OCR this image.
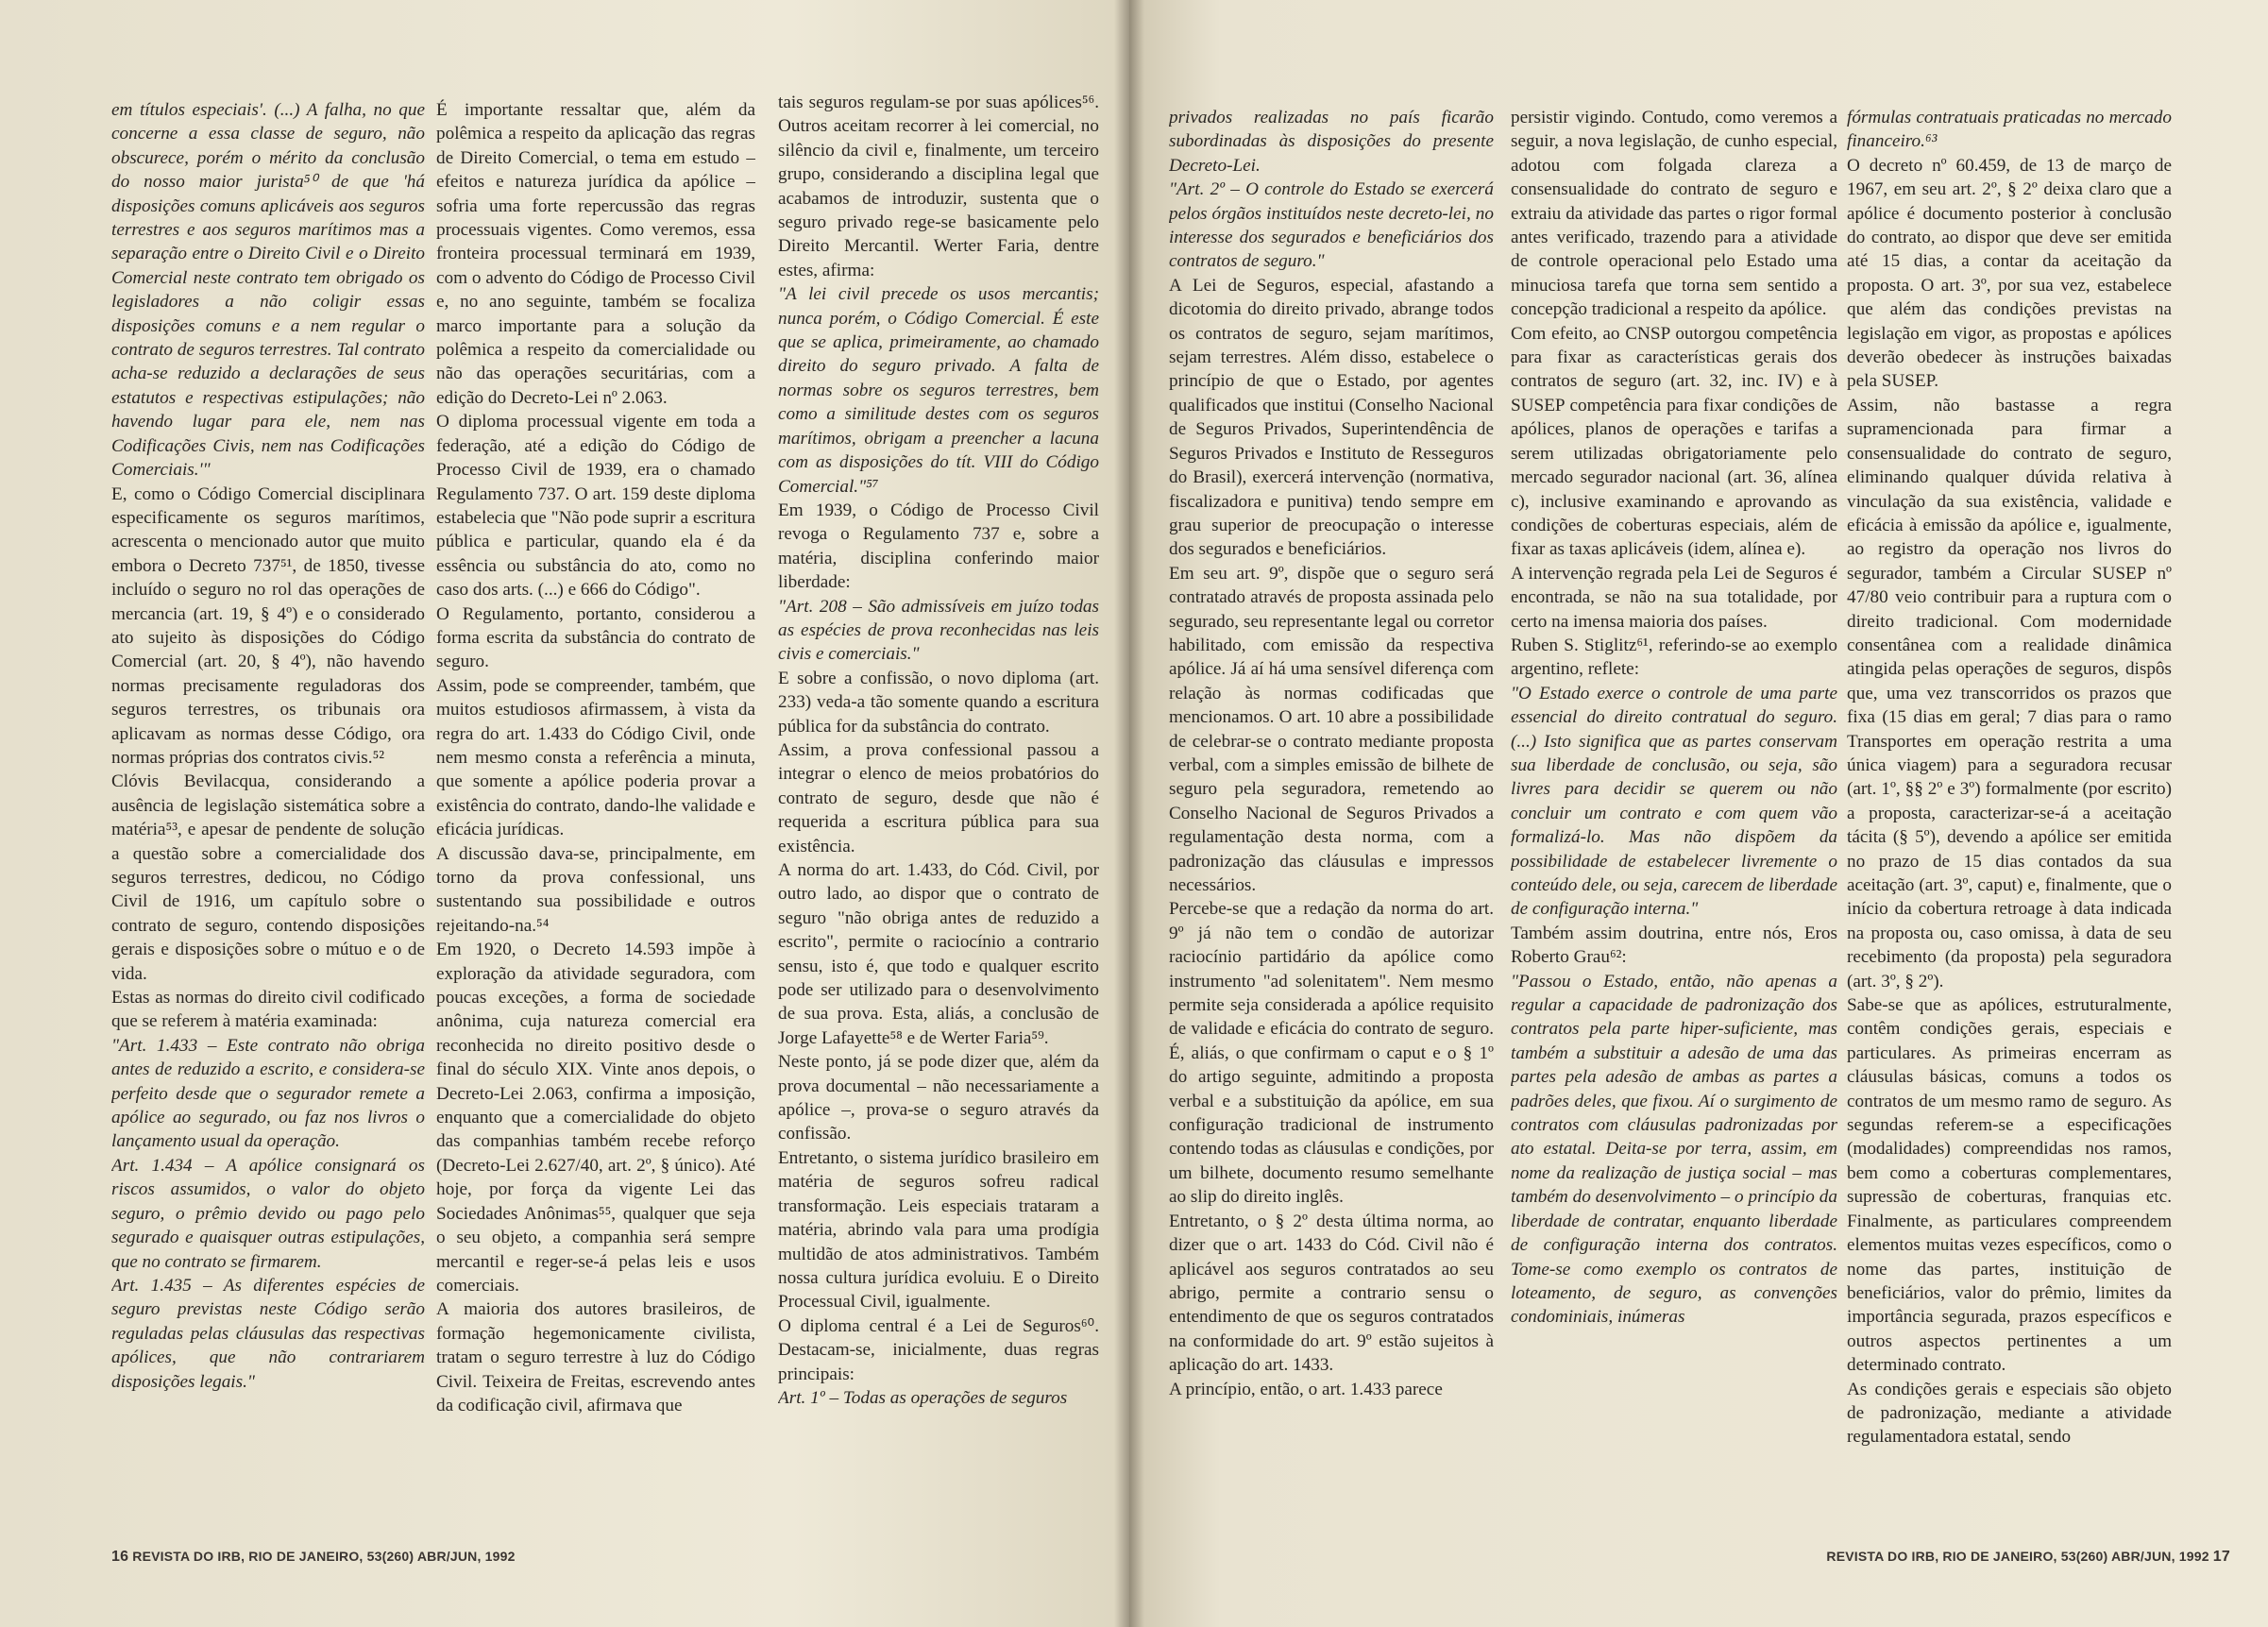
em títulos especiais'. (...) A falha, no que concerne a essa classe de seguro, não obscurece, porém o mérito da conclusão do nosso maior jurista⁵⁰ de que 'há disposições comuns aplicáveis aos seguros terrestres e aos seguros marítimos mas a separação entre o Direito Civil e o Direito Comercial neste contrato tem obrigado os legisladores a não coligir essas disposições comuns e a nem regular o contrato de seguros terrestres. Tal contrato acha-se reduzido a declarações de seus estatutos e respectivas estipulações; não havendo lugar para ele, nem nas Codificações Civis, nem nas Codificações Comerciais.'"

E, como o Código Comercial disciplinara especificamente os seguros marítimos, acrescenta o mencionado autor que muito embora o Decreto 737⁵¹, de 1850, tivesse incluído o seguro no rol das operações de mercancia (art. 19, § 4º) e o considerado ato sujeito às disposições do Código Comercial (art. 20, § 4º), não havendo normas precisamente reguladoras dos seguros terrestres, os tribunais ora aplicavam as normas desse Código, ora normas próprias dos contratos civis.⁵²

Clóvis Bevilacqua, considerando a ausência de legislação sistemática sobre a matéria⁵³, e apesar de pendente de solução a questão sobre a comercialidade dos seguros terrestres, dedicou, no Código Civil de 1916, um capítulo sobre o contrato de seguro, contendo disposições gerais e disposições sobre o mútuo e o de vida.

Estas as normas do direito civil codificado que se referem à matéria examinada:

"Art. 1.433 – Este contrato não obriga antes de reduzido a escrito, e considera-se perfeito desde que o segurador remete a apólice ao segurado, ou faz nos livros o lançamento usual da operação.

Art. 1.434 – A apólice consignará os riscos assumidos, o valor do objeto seguro, o prêmio devido ou pago pelo segurado e quaisquer outras estipulações, que no contrato se firmarem.

Art. 1.435 – As diferentes espécies de seguro previstas neste Código serão reguladas pelas cláusulas das respectivas apólices, que não contrariarem disposições legais."

É importante ressaltar que, além da polêmica a respeito da aplicação das regras de Direito Comercial, o tema em estudo – efeitos e natureza jurídica da apólice – sofria uma forte repercussão das regras processuais vigentes. Como veremos, essa fronteira processual terminará em 1939, com o advento do Código de Processo Civil e, no ano seguinte, também se focaliza marco importante para a solução da polêmica a respeito da comercialidade ou não das operações securitárias, com a edição do Decreto-Lei nº 2.063.

O diploma processual vigente em toda a federação, até a edição do Código de Processo Civil de 1939, era o chamado Regulamento 737. O art. 159 deste diploma estabelecia que "Não pode suprir a escritura pública e particular, quando ela é da essência ou substância do ato, como no caso dos arts. (...) e 666 do Código".

O Regulamento, portanto, considerou a forma escrita da substância do contrato de seguro.

Assim, pode se compreender, também, que muitos estudiosos afirmassem, à vista da regra do art. 1.433 do Código Civil, onde nem mesmo consta a referência a minuta, que somente a apólice poderia provar a existência do contrato, dando-lhe validade e eficácia jurídicas.

A discussão dava-se, principalmente, em torno da prova confessional, uns sustentando sua possibilidade e outros rejeitando-na.⁵⁴

Em 1920, o Decreto 14.593 impõe à exploração da atividade seguradora, com poucas exceções, a forma de sociedade anônima, cuja natureza comercial era reconhecida no direito positivo desde o final do século XIX. Vinte anos depois, o Decreto-Lei 2.063, confirma a imposição, enquanto que a comercialidade do objeto das companhias também recebe reforço (Decreto-Lei 2.627/40, art. 2º, § único). Até hoje, por força da vigente Lei das Sociedades Anônimas⁵⁵, qualquer que seja o seu objeto, a companhia será sempre mercantil e reger-se-á pelas leis e usos comerciais.

A maioria dos autores brasileiros, de formação hegemonicamente civilista, tratam o seguro terrestre à luz do Código Civil. Teixeira de Freitas, escrevendo antes da codificação civil, afirmava que

tais seguros regulam-se por suas apólices⁵⁶. Outros aceitam recorrer à lei comercial, no silêncio da civil e, finalmente, um terceiro grupo, considerando a disciplina legal que acabamos de introduzir, sustenta que o seguro privado rege-se basicamente pelo Direito Mercantil. Werter Faria, dentre estes, afirma:

"A lei civil precede os usos mercantis; nunca porém, o Código Comercial. É este que se aplica, primeiramente, ao chamado direito do seguro privado. A falta de normas sobre os seguros terrestres, bem como a similitude destes com os seguros marítimos, obrigam a preencher a lacuna com as disposições do tít. VIII do Código Comercial."⁵⁷

Em 1939, o Código de Processo Civil revoga o Regulamento 737 e, sobre a matéria, disciplina conferindo maior liberdade:

"Art. 208 – São admissíveis em juízo todas as espécies de prova reconhecidas nas leis civis e comerciais."

E sobre a confissão, o novo diploma (art. 233) veda-a tão somente quando a escritura pública for da substância do contrato.

Assim, a prova confessional passou a integrar o elenco de meios probatórios do contrato de seguro, desde que não é requerida a escritura pública para sua existência.

A norma do art. 1.433, do Cód. Civil, por outro lado, ao dispor que o contrato de seguro "não obriga antes de reduzido a escrito", permite o raciocínio a contrario sensu, isto é, que todo e qualquer escrito pode ser utilizado para o desenvolvimento de sua prova. Esta, aliás, a conclusão de Jorge Lafayette⁵⁸ e de Werter Faria⁵⁹.

Neste ponto, já se pode dizer que, além da prova documental – não necessariamente a apólice –, prova-se o seguro através da confissão.

Entretanto, o sistema jurídico brasileiro em matéria de seguros sofreu radical transformação. Leis especiais trataram a matéria, abrindo vala para uma prodígia multidão de atos administrativos. Também nossa cultura jurídica evoluiu. E o Direito Processual Civil, igualmente.

O diploma central é a Lei de Seguros⁶⁰. Destacam-se, inicialmente, duas regras principais:

Art. 1º – Todas as operações de seguros

16 REVISTA DO IRB, RIO DE JANEIRO, 53(260) ABR/JUN, 1992

privados realizadas no país ficarão subordinadas às disposições do presente Decreto-Lei.

"Art. 2º – O controle do Estado se exercerá pelos órgãos instituídos neste decreto-lei, no interesse dos segurados e beneficiários dos contratos de seguro."

A Lei de Seguros, especial, afastando a dicotomia do direito privado, abrange todos os contratos de seguro, sejam marítimos, sejam terrestres. Além disso, estabelece o princípio de que o Estado, por agentes qualificados que institui (Conselho Nacional de Seguros Privados, Superintendência de Seguros Privados e Instituto de Resseguros do Brasil), exercerá intervenção (normativa, fiscalizadora e punitiva) tendo sempre em grau superior de preocupação o interesse dos segurados e beneficiários.

Em seu art. 9º, dispõe que o seguro será contratado através de proposta assinada pelo segurado, seu representante legal ou corretor habilitado, com emissão da respectiva apólice. Já aí há uma sensível diferença com relação às normas codificadas que mencionamos. O art. 10 abre a possibilidade de celebrar-se o contrato mediante proposta verbal, com a simples emissão de bilhete de seguro pela seguradora, remetendo ao Conselho Nacional de Seguros Privados a regulamentação desta norma, com a padronização das cláusulas e impressos necessários.

Percebe-se que a redação da norma do art. 9º já não tem o condão de autorizar raciocínio partidário da apólice como instrumento "ad solenitatem". Nem mesmo permite seja considerada a apólice requisito de validade e eficácia do contrato de seguro. É, aliás, o que confirmam o caput e o § 1º do artigo seguinte, admitindo a proposta verbal e a substituição da apólice, em sua configuração tradicional de instrumento contendo todas as cláusulas e condições, por um bilhete, documento resumo semelhante ao slip do direito inglês.

Entretanto, o § 2º desta última norma, ao dizer que o art. 1433 do Cód. Civil não é aplicável aos seguros contratados ao seu abrigo, permite a contrario sensu o entendimento de que os seguros contratados na conformidade do art. 9º estão sujeitos à aplicação do art. 1433.

A princípio, então, o art. 1.433 parece

persistir vigindo. Contudo, como veremos a seguir, a nova legislação, de cunho especial, adotou com folgada clareza a consensualidade do contrato de seguro e extraiu da atividade das partes o rigor formal antes verificado, trazendo para a atividade de controle operacional pelo Estado uma minuciosa tarefa que torna sem sentido a concepção tradicional a respeito da apólice.

Com efeito, ao CNSP outorgou competência para fixar as características gerais dos contratos de seguro (art. 32, inc. IV) e à SUSEP competência para fixar condições de apólices, planos de operações e tarifas a serem utilizadas obrigatoriamente pelo mercado segurador nacional (art. 36, alínea c), inclusive examinando e aprovando as condições de coberturas especiais, além de fixar as taxas aplicáveis (idem, alínea e).

A intervenção regrada pela Lei de Seguros é encontrada, se não na sua totalidade, por certo na imensa maioria dos países.

Ruben S. Stiglitz⁶¹, referindo-se ao exemplo argentino, reflete:

"O Estado exerce o controle de uma parte essencial do direito contratual do seguro. (...) Isto significa que as partes conservam sua liberdade de conclusão, ou seja, são livres para decidir se querem ou não concluir um contrato e com quem vão formalizá-lo. Mas não dispõem da possibilidade de estabelecer livremente o conteúdo dele, ou seja, carecem de liberdade de configuração interna."

Também assim doutrina, entre nós, Eros Roberto Grau⁶²:

"Passou o Estado, então, não apenas a regular a capacidade de padronização dos contratos pela parte hiper-suficiente, mas também a substituir a adesão de uma das partes pela adesão de ambas as partes a padrões deles, que fixou. Aí o surgimento de contratos com cláusulas padronizadas por ato estatal. Deita-se por terra, assim, em nome da realização de justiça social – mas também do desenvolvimento – o princípio da liberdade de contratar, enquanto liberdade de configuração interna dos contratos. Tome-se como exemplo os contratos de loteamento, de seguro, as convenções condominiais, inúmeras

fórmulas contratuais praticadas no mercado financeiro.⁶³

O decreto nº 60.459, de 13 de março de 1967, em seu art. 2º, § 2º deixa claro que a apólice é documento posterior à conclusão do contrato, ao dispor que deve ser emitida até 15 dias, a contar da aceitação da proposta. O art. 3º, por sua vez, estabelece que além das condições previstas na legislação em vigor, as propostas e apólices deverão obedecer às instruções baixadas pela SUSEP.

Assim, não bastasse a regra supramencionada para firmar a consensualidade do contrato de seguro, eliminando qualquer dúvida relativa à vinculação da sua existência, validade e eficácia à emissão da apólice e, igualmente, ao registro da operação nos livros do segurador, também a Circular SUSEP nº 47/80 veio contribuir para a ruptura com o direito tradicional. Com modernidade consentânea com a realidade dinâmica atingida pelas operações de seguros, dispôs que, uma vez transcorridos os prazos que fixa (15 dias em geral; 7 dias para o ramo Transportes em operação restrita a uma única viagem) para a seguradora recusar (art. 1º, §§ 2º e 3º) formalmente (por escrito) a proposta, caracterizar-se-á a aceitação tácita (§ 5º), devendo a apólice ser emitida no prazo de 15 dias contados da sua aceitação (art. 3º, caput) e, finalmente, que o início da cobertura retroage à data indicada na proposta ou, caso omissa, à data de seu recebimento (da proposta) pela seguradora (art. 3º, § 2º).

Sabe-se que as apólices, estruturalmente, contêm condições gerais, especiais e particulares. As primeiras encerram as cláusulas básicas, comuns a todos os contratos de um mesmo ramo de seguro. As segundas referem-se a especificações (modalidades) compreendidas nos ramos, bem como a coberturas complementares, supressão de coberturas, franquias etc. Finalmente, as particulares compreendem elementos muitas vezes específicos, como o nome das partes, instituição de beneficiários, valor do prêmio, limites da importância segurada, prazos específicos e outros aspectos pertinentes a um determinado contrato.

As condições gerais e especiais são objeto de padronização, mediante a atividade regulamentadora estatal, sendo

REVISTA DO IRB, RIO DE JANEIRO, 53(260) ABR/JUN, 1992 17
